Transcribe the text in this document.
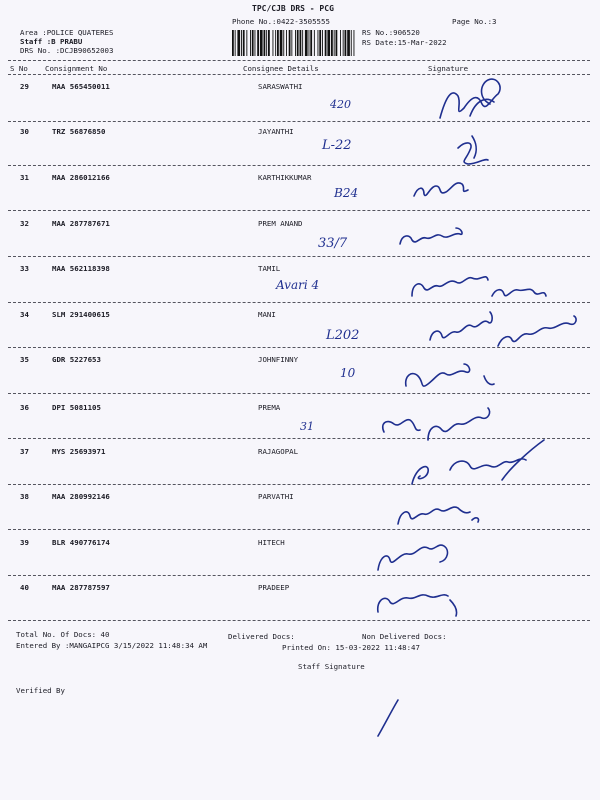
TPC/CJB DRS - PCG
Phone No.:0422-3505555	Page No.:3
Area :POLICE QUATERES
Staff :B PRABU
DRS No. :DCJB90652003
RS No.:906520
RS Date:15-Mar-2022
S No Consignment No	Consignee Details	Signature
29	MAA 565450011	SARASWATHI
30	TRZ 56876850	JAYANTHI
31	MAA 286012166	KARTHIKKUMAR
32	MAA 287787671	PREM ANAND
33	MAA 562118398	TAMIL
34	SLM 291400615	MANI
35	GDR 5227653	JOHNFINNY
36	DPI 5081105	PREMA
37	MYS 25693971	RAJAGOPAL
38	MAA 280992146	PARVATHI
39	BLR 490776174	HITECH
40	MAA 287787597	PRADEEP
Total No. Of Docs: 40	Delivered Docs:	Non Delivered Docs:
Entered By :MANGAIPCG 3/15/2022 11:48:34 AM	Printed On: 15-03-2022 11:48:47
Staff Signature
Verified By
420
L-22
B24
33/7
Avari 4
L202
10
31
